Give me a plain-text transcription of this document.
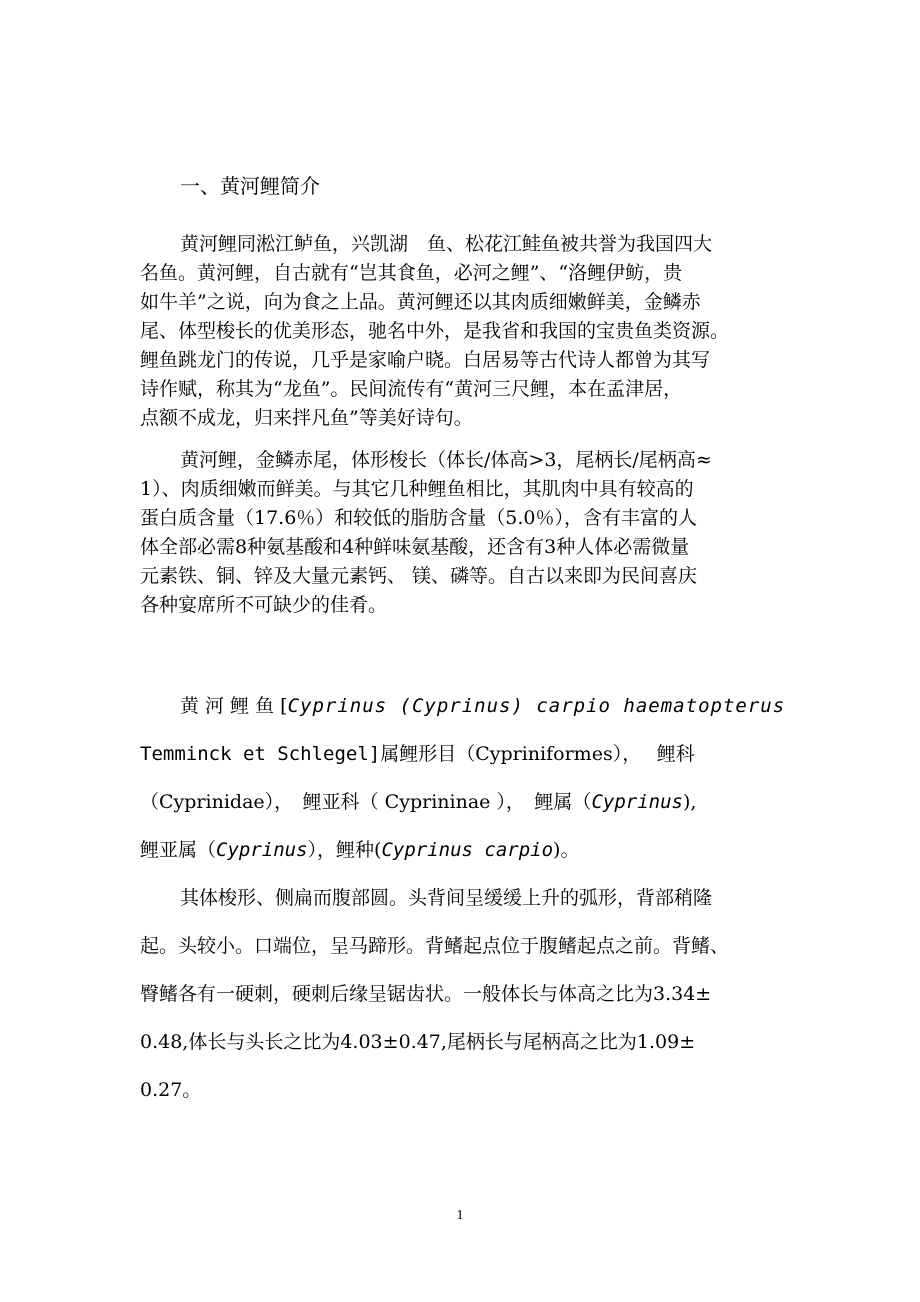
一、黄河鲤简介
黄河鲤同淞江鲈鱼，兴凯湖　鱼、松花江鲑鱼被共誉为我国四大
名鱼。黄河鲤，自古就有“岂其食鱼，必河之鲤”、“洛鲤伊鲂，贵
如牛羊”之说，向为食之上品。黄河鲤还以其肉质细嫩鲜美，金鳞赤
尾、体型梭长的优美形态，驰名中外，是我省和我国的宝贵鱼类资源。
鲤鱼跳龙门的传说，几乎是家喻户晓。白居易等古代诗人都曾为其写
诗作赋，称其为“龙鱼”。民间流传有“黄河三尺鲤，本在孟津居，
点额不成龙，归来拌凡鱼”等美好诗句。
黄河鲤，金鳞赤尾，体形梭长（体长/体高>3，尾柄长/尾柄高≈
1）、肉质细嫩而鲜美。与其它几种鲤鱼相比，其肌肉中具有较高的
蛋白质含量（17.6％）和较低的脂肪含量（5.0％），含有丰富的人
体全部必需8种氨基酸和4种鲜味氨基酸，还含有3种人体必需微量
元素铁、铜、锌及大量元素钙、 镁、磷等。自古以来即为民间喜庆
各种宴席所不可缺少的佳肴。
黄 河 鲤 鱼 [Cyprinus (Cyprinus) carpio haematopterus
Temminck et Schlegel]属鲤形目（Cypriniformes），　 鲤科
（Cyprinidae），　鲤亚科（ Cyprininae ），　鲤属（Cyprinus),
鲤亚属（Cyprinus），鲤种(Cyprinus carpio)。
其体梭形、侧扁而腹部圆。头背间呈缓缓上升的弧形，背部稍隆
起。头较小。口端位，呈马蹄形。背鳍起点位于腹鳍起点之前。背鳍、
臀鳍各有一硬刺，硬刺后缘呈锯齿状。一般体长与体高之比为3.34±
0.48,体长与头长之比为4.03±0.47,尾柄长与尾柄高之比为1.09±
0.27。
1
